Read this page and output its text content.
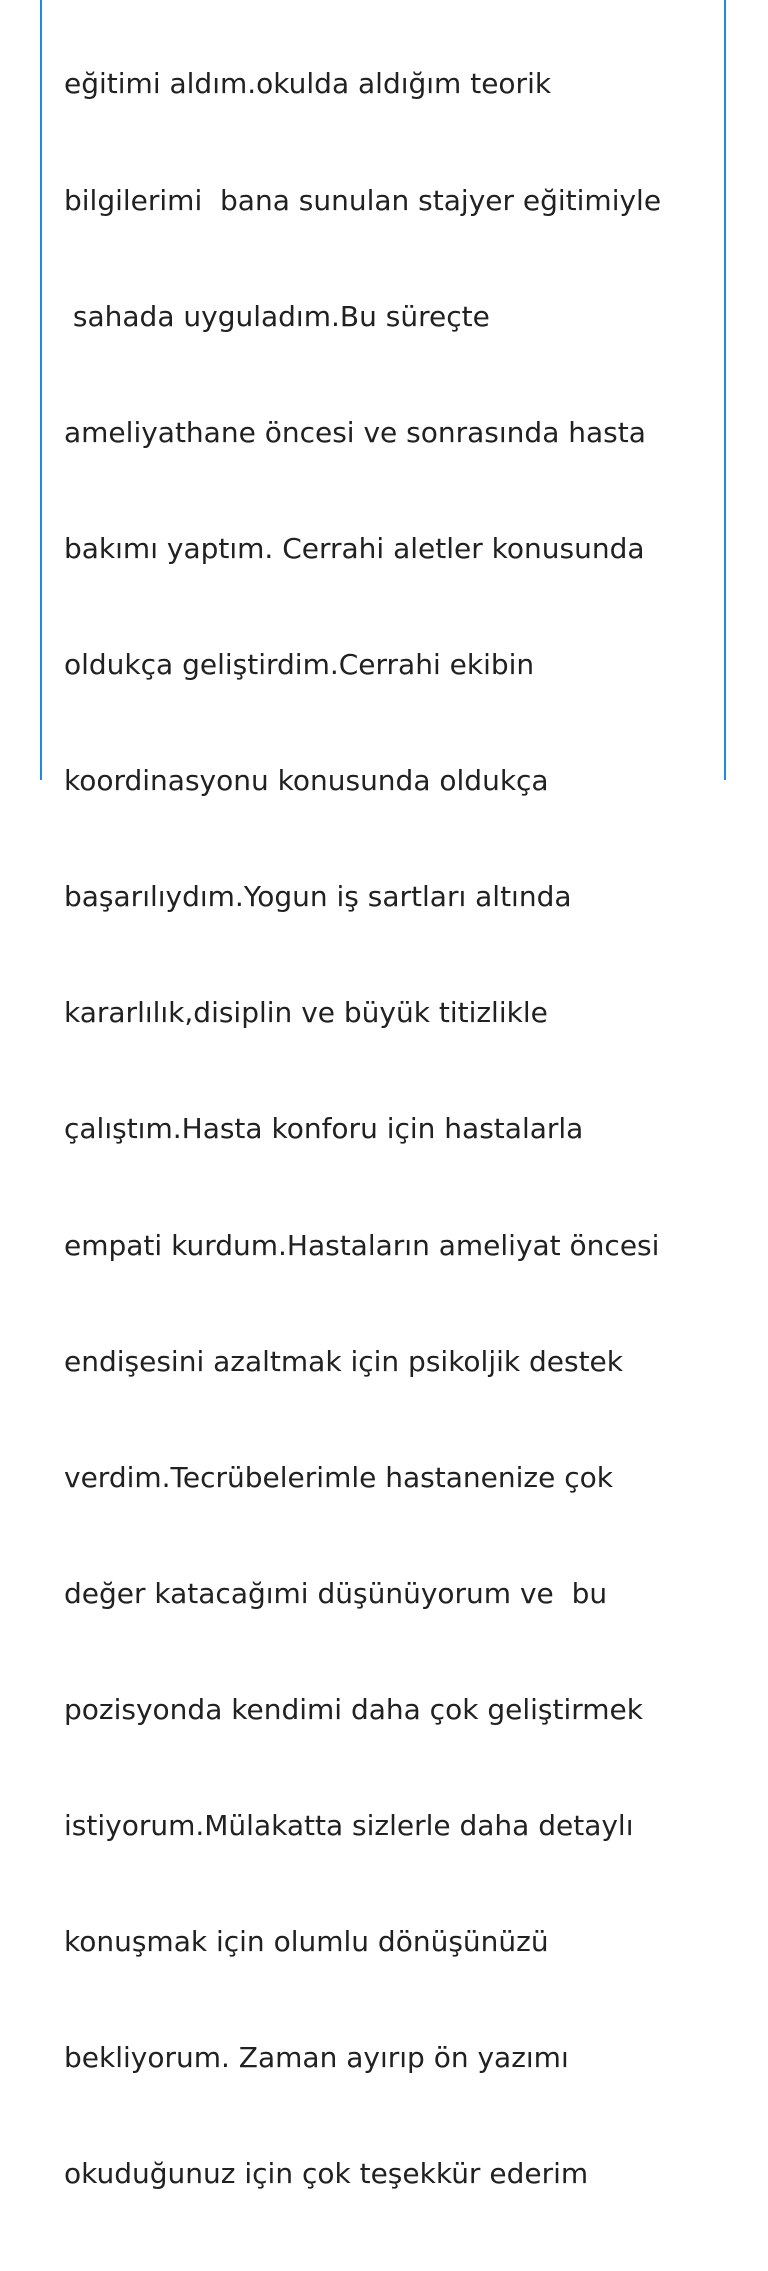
eğitimi aldım.okulda aldığım teorik

bilgilerimi  bana sunulan stajyer eğitimiyle

sahada uyguladım.Bu süreçte

ameliyathane öncesi ve sonrasında hasta

bakımı yaptım. Cerrahi aletler konusunda

oldukça geliştirdim.Cerrahi ekibin

koordinasyonu konusunda oldukça

başarılıydım.Yogun iş sartları altında

kararlılık,disiplin ve büyük titizlikle

çalıştım.Hasta konforu için hastalarla

empati kurdum.Hastaların ameliyat öncesi

endişesini azaltmak için psikoljik destek

verdim.Tecrübelerimle hastanenize çok

değer katacağımi düşünüyorum ve  bu

pozisyonda kendimi daha çok geliştirmek

istiyorum.Mülakatta sizlerle daha detaylı

konuşmak için olumlu dönüşünüzü

bekliyorum. Zaman ayırıp ön yazımı

okuduğunuz için çok teşekkür ederim
